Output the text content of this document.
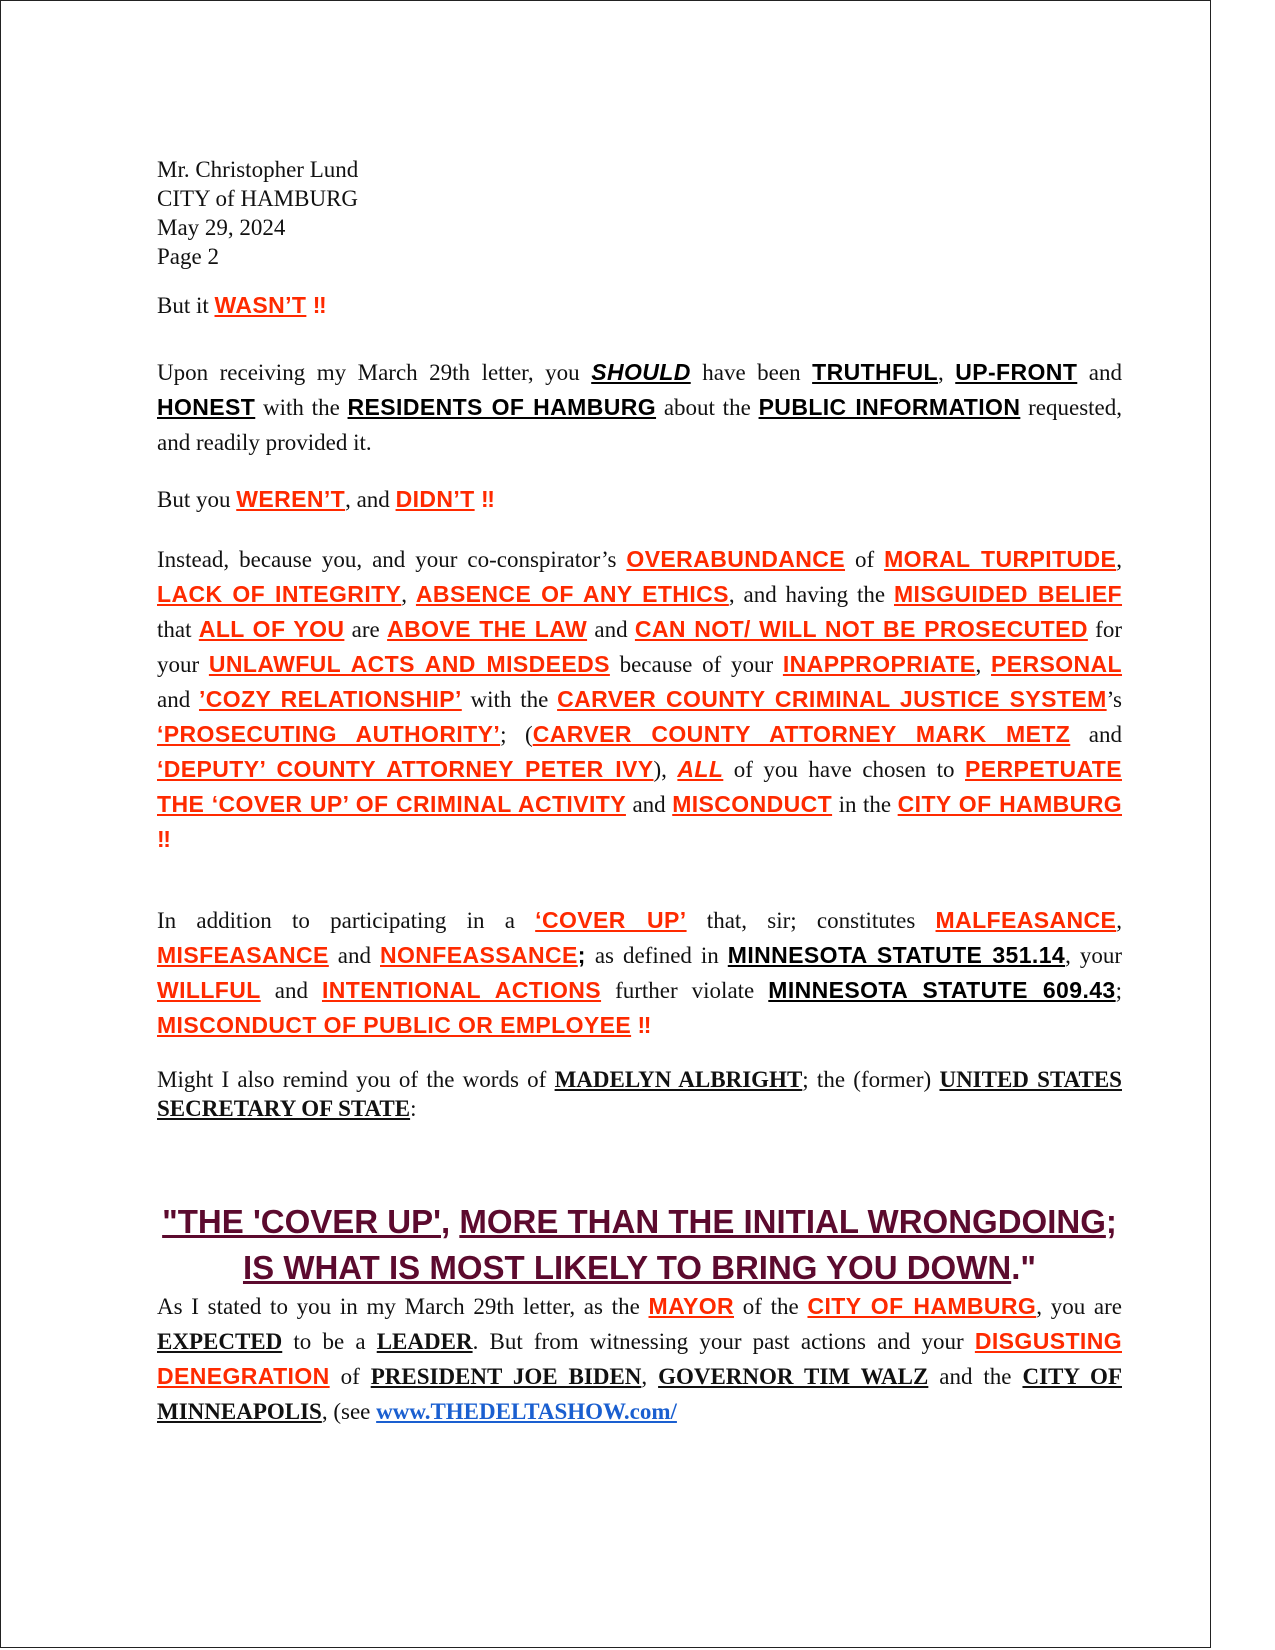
Mr. Christopher Lund
CITY of HAMBURG
May 29, 2024
Page 2
But it WASN’T ‼
Upon receiving my March 29th letter, you SHOULD have been TRUTHFUL, UP-FRONT and HONEST with the RESIDENTS OF HAMBURG about the PUBLIC INFORMATION requested, and readily provided it.
But you WEREN’T, and DIDN’T ‼
Instead, because you, and your co-conspirator’s OVERABUNDANCE of MORAL TURPITUDE, LACK OF INTEGRITY, ABSENCE OF ANY ETHICS, and having the MISGUIDED BELIEF that ALL OF YOU are ABOVE THE LAW and CAN NOT/ WILL NOT BE PROSECUTED for your UNLAWFUL ACTS AND MISDEEDS because of your INAPPROPRIATE, PERSONAL and ’COZY RELATIONSHIP’ with the CARVER COUNTY CRIMINAL JUSTICE SYSTEM’s ‘PROSECUTING AUTHORITY’; (CARVER COUNTY ATTORNEY MARK METZ and ‘DEPUTY’ COUNTY ATTORNEY PETER IVY), ALL of you have chosen to PERPETUATE THE ‘COVER UP’ OF CRIMINAL ACTIVITY and MISCONDUCT in the CITY OF HAMBURG ‼
In addition to participating in a ‘COVER UP’ that, sir; constitutes MALFEASANCE, MISFEASANCE and NONFEASSANCE; as defined in MINNESOTA STATUTE 351.14, your WILLFUL and INTENTIONAL ACTIONS further violate MINNESOTA STATUTE 609.43; MISCONDUCT OF PUBLIC OR EMPLOYEE ‼
Might I also remind you of the words of MADELYN ALBRIGHT; the (former) UNITED STATES SECRETARY OF STATE:
"THE 'COVER UP', MORE THAN THE INITIAL WRONGDOING; IS WHAT IS MOST LIKELY TO BRING YOU DOWN."
As I stated to you in my March 29th letter, as the MAYOR of the CITY OF HAMBURG, you are EXPECTED to be a LEADER. But from witnessing your past actions and your DISGUSTING DENEGRATION of PRESIDENT JOE BIDEN, GOVERNOR TIM WALZ and the CITY OF MINNEAPOLIS, (see www.THEDELTASHOW.com/
